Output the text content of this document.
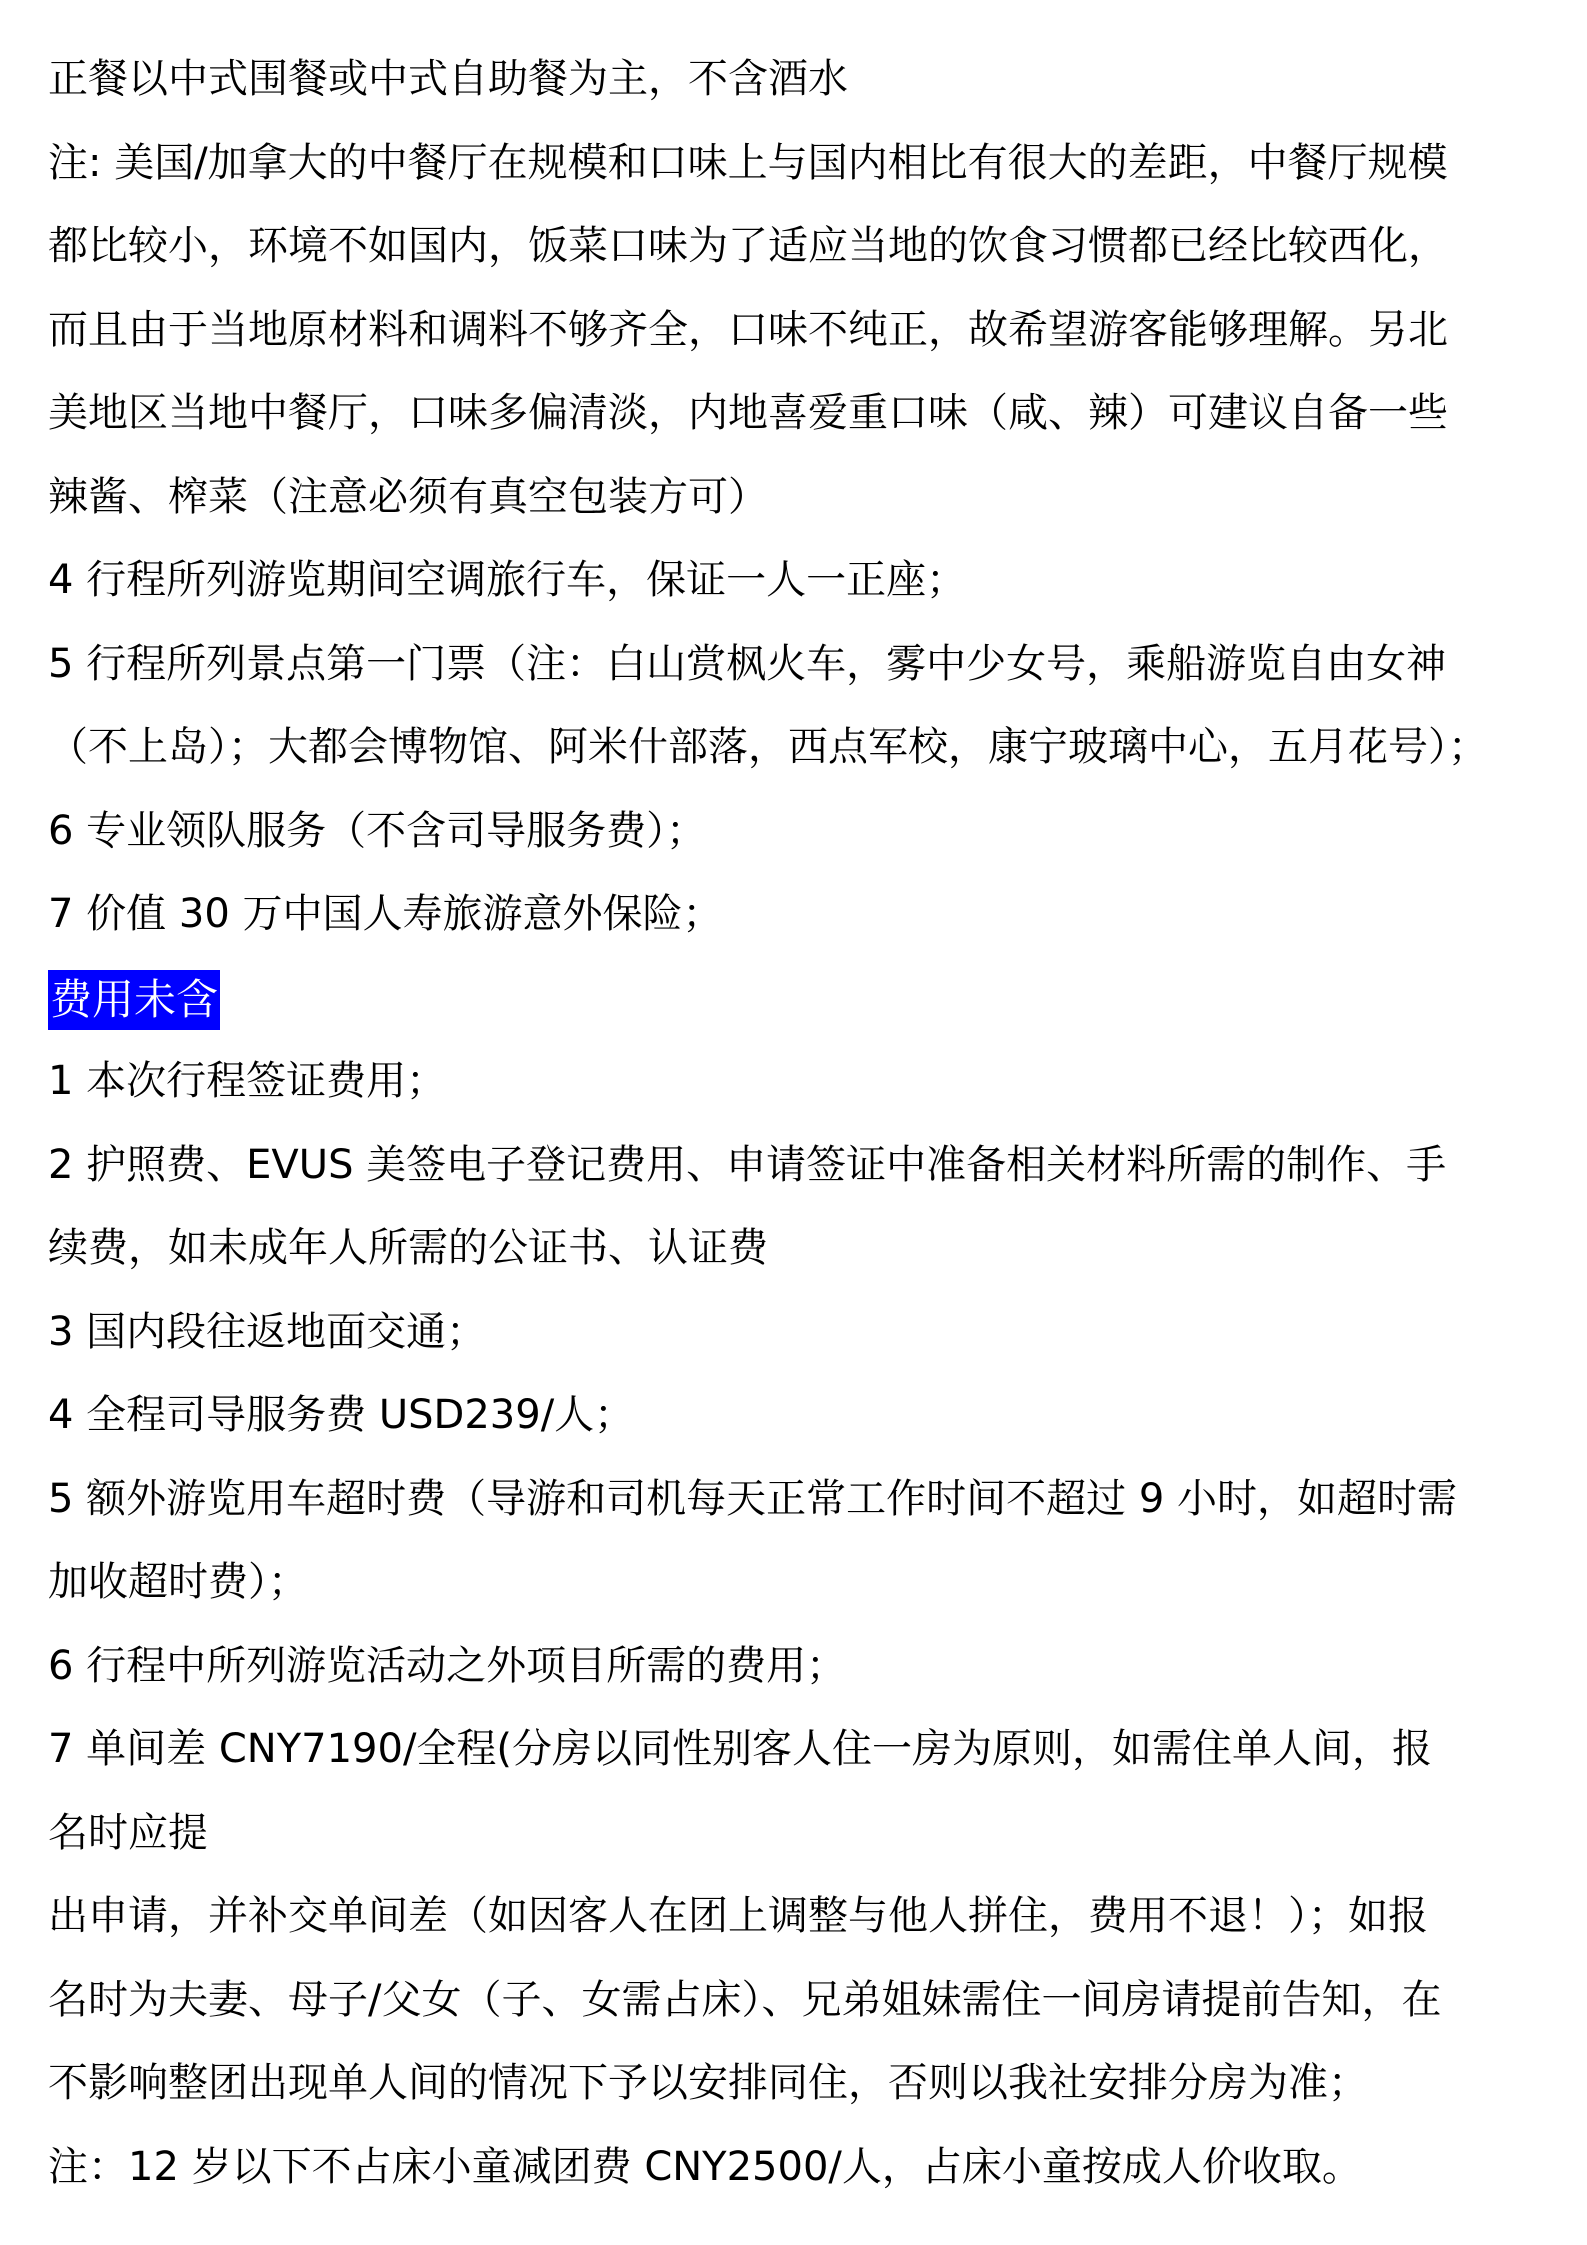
正餐以中式围餐或中式自助餐为主，不含酒水
注: 美国/加拿大的中餐厅在规模和口味上与国内相比有很大的差距，中餐厅规模
都比较小，环境不如国内，饭菜口味为了适应当地的饮食习惯都已经比较西化，
而且由于当地原材料和调料不够齐全，口味不纯正，故希望游客能够理解。另北
美地区当地中餐厅，口味多偏清淡，内地喜爱重口味（咸、辣）可建议自备一些
辣酱、榨菜（注意必须有真空包装方可）
4 行程所列游览期间空调旅行车，保证一人一正座；
5 行程所列景点第一门票（注：白山赏枫火车，雾中少女号，乘船游览自由女神
（不上岛）；大都会博物馆、阿米什部落，西点军校，康宁玻璃中心，五月花号）；
6 专业领队服务（不含司导服务费）；
7 价值 30 万中国人寿旅游意外保险；
费用未含
1 本次行程签证费用；
2 护照费、EVUS 美签电子登记费用、申请签证中准备相关材料所需的制作、手
续费，如未成年人所需的公证书、认证费
3 国内段往返地面交通；
4 全程司导服务费 USD239/人；
5 额外游览用车超时费（导游和司机每天正常工作时间不超过 9 小时，如超时需
加收超时费）；
6 行程中所列游览活动之外项目所需的费用；
7 单间差 CNY7190/全程(分房以同性别客人住一房为原则，如需住单人间，报
名时应提
出申请，并补交单间差（如因客人在团上调整与他人拼住，费用不退！）；如报
名时为夫妻、母子/父女（子、女需占床）、兄弟姐妹需住一间房请提前告知，在
不影响整团出现单人间的情况下予以安排同住，否则以我社安排分房为准；
注：12 岁以下不占床小童减团费 CNY2500/人，占床小童按成人价收取。
